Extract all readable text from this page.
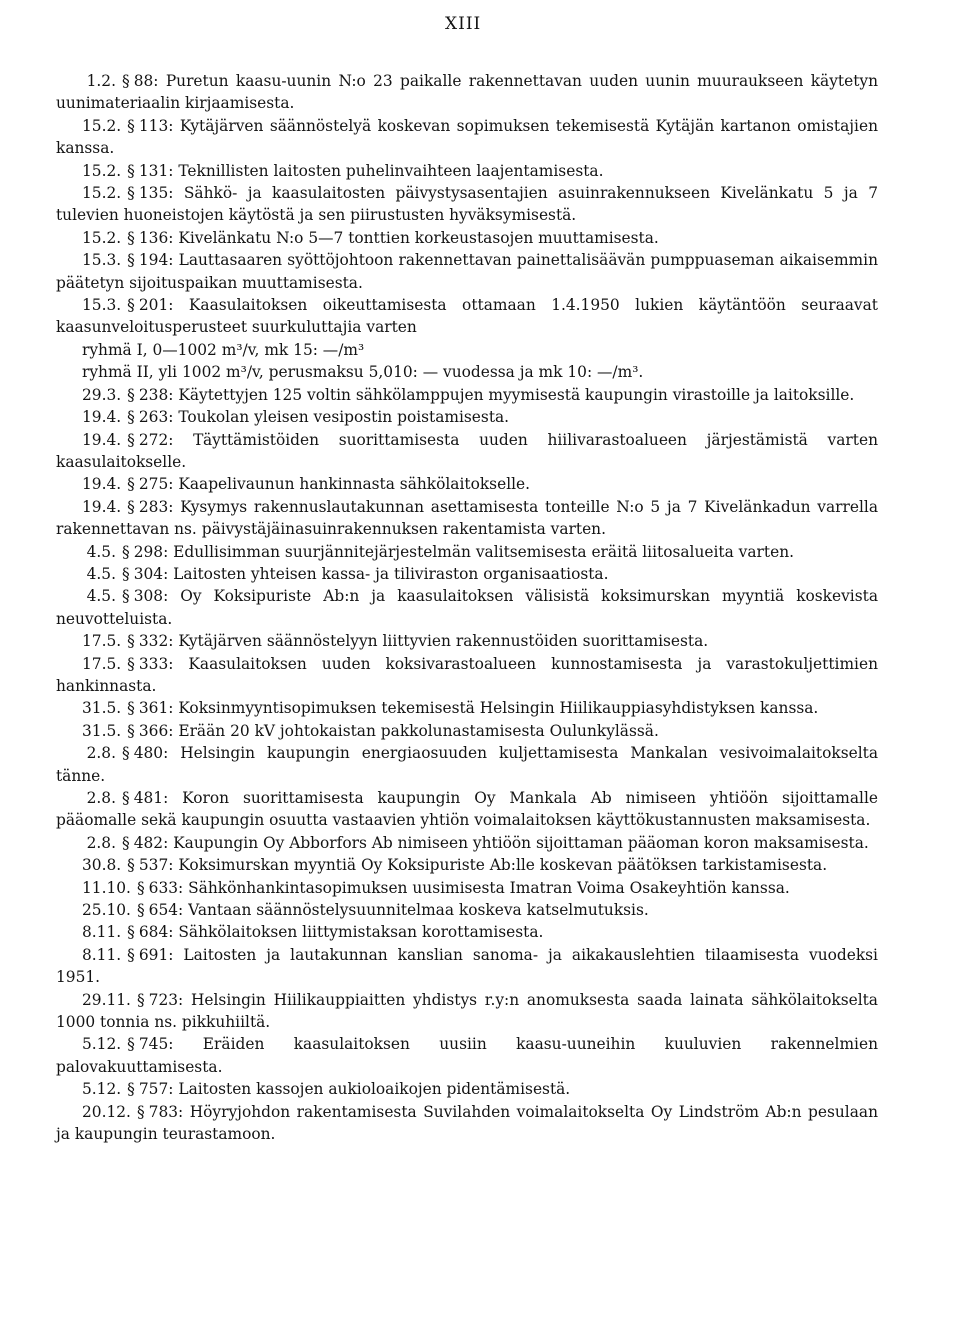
XIII

1.2. § 88: Puretun kaasu-uunin N:o 23 paikalle rakennettavan uuden uunin muuraukseen käytetyn uunimateriaalin kirjaamisesta.

15.2. § 113: Kytäjärven säännöstelyä koskevan sopimuksen tekemisestä Kytäjän kartanon omistajien kanssa.

15.2. § 131: Teknillisten laitosten puhelinvaihteen laajentamisesta.

15.2. § 135: Sähkö- ja kaasulaitosten päivystysasentajien asuinrakennukseen Kivelänkatu 5 ja 7 tulevien huoneistojen käytöstä ja sen piirustusten hyväksymisestä.

15.2. § 136: Kivelänkatu N:o 5—7 tonttien korkeustasojen muuttamisesta.

15.3. § 194: Lauttasaaren syöttöjohtoon rakennettavan painettalisäävän pumppuaseman aikaisemmin päätetyn sijoituspaikan muuttamisesta.

15.3. § 201: Kaasulaitoksen oikeuttamisesta ottamaan 1.4.1950 lukien käytäntöön seuraavat kaasunveloitusperusteet suurkuluttajia varten

ryhmä I, 0—1002 m³/v, mk 15: —/m³

ryhmä II, yli 1002 m³/v, perusmaksu 5,010: — vuodessa ja mk 10: —/m³.

29.3. § 238: Käytettyjen 125 voltin sähkölamppujen myymisestä kaupungin virastoille ja laitoksille.

19.4. § 263: Toukolan yleisen vesipostin poistamisesta.

19.4. § 272: Täyttämistöiden suorittamisesta uuden hiilivarastoalueen järjestämistä varten kaasulaitokselle.

19.4. § 275: Kaapelivaunun hankinnasta sähkölaitokselle.

19.4. § 283: Kysymys rakennuslautakunnan asettamisesta tonteille N:o 5 ja 7 Kivelänkadun varrella rakennettavan ns. päivystäjäinasuinrakennuksen rakentamista varten.

4.5. § 298: Edullisimman suurjännitejärjestelmän valitsemisesta eräitä liitosalueita varten.

4.5. § 304: Laitosten yhteisen kassa- ja tiliviraston organisaatiosta.

4.5. § 308: Oy Koksipuriste Ab:n ja kaasulaitoksen välisistä koksimurskan myyntiä koskevista neuvotteluista.

17.5. § 332: Kytäjärven säännöstelyyn liittyvien rakennustöiden suorittamisesta.

17.5. § 333: Kaasulaitoksen uuden koksivarastoalueen kunnostamisesta ja varastokuljettimien hankinnasta.

31.5. § 361: Koksinmyyntisopimuksen tekemisestä Helsingin Hiilikauppiasyhdistyksen kanssa.

31.5. § 366: Erään 20 kV johtokaistan pakkolunastamisesta Oulunkylässä.

2.8. § 480: Helsingin kaupungin energiaosuuden kuljettamisesta Mankalan vesivoimalaitokselta tänne.

2.8. § 481: Koron suorittamisesta kaupungin Oy Mankala Ab nimiseen yhtiöön sijoittamalle pääomalle sekä kaupungin osuutta vastaavien yhtiön voimalaitoksen käyttökustannusten maksamisesta.

2.8. § 482: Kaupungin Oy Abborfors Ab nimiseen yhtiöön sijoittaman pääoman koron maksamisesta.

30.8. § 537: Koksimurskan myyntiä Oy Koksipuriste Ab:lle koskevan päätöksen tarkistamisesta.

11.10. § 633: Sähkönhankintasopimuksen uusimisesta Imatran Voima Osakeyhtiön kanssa.

25.10. § 654: Vantaan säännöstelysuunnitelmaa koskeva katselmutuksis.

8.11. § 684: Sähkölaitoksen liittymistaksan korottamisesta.

8.11. § 691: Laitosten ja lautakunnan kanslian sanoma- ja aikakauslehtien tilaamisesta vuodeksi 1951.

29.11. § 723: Helsingin Hiilikauppiaitten yhdistys r.y:n anomuksesta saada lainata sähkölaitokselta 1000 tonnia ns. pikkuhiiltä.

5.12. § 745: Eräiden kaasulaitoksen uusiin kaasu-uuneihin kuuluvien rakennelmien palovakuuttamisesta.

5.12. § 757: Laitosten kassojen aukioloaikojen pidentämisestä.

20.12. § 783: Höyryjohdon rakentamisesta Suvilahden voimalaitokselta Oy Lindström Ab:n pesulaan ja kaupungin teurastamoon.
